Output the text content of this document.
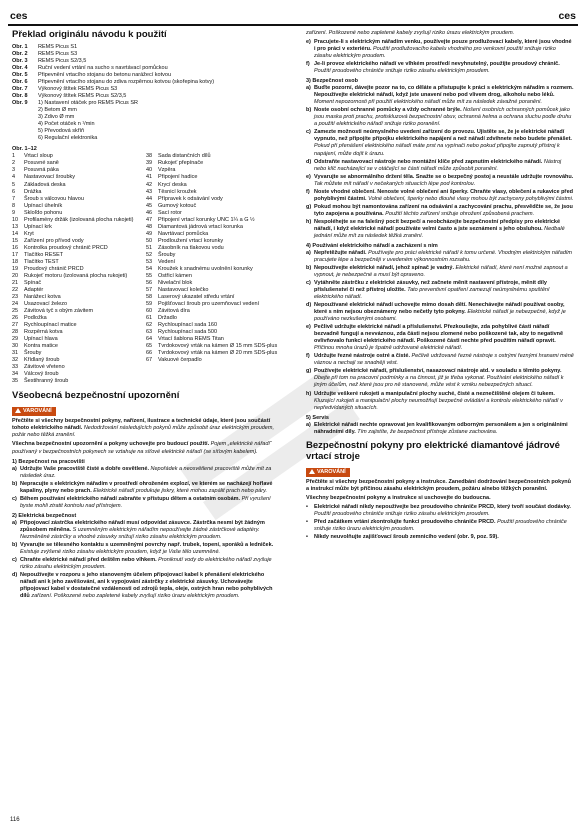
ces	ces
Překlad originálu návodu k použití
Obr. 1	REMS Picus S1
Obr. 2	REMS Picus S3
Obr. 3	REMS Picus S2/3,5
Obr. 4	Ruční vedení vrtání na sucho s navrtávací pomůckou
Obr. 5	Připevnění vrtacího stojanu do betonu narážecí kotvou
Obr. 6	Připevnění vrtacího stojanu do zdiva rozpěrnou kotvou (skořepina kotvy)
Obr. 7	Výkonový štítek REMS Picus S3
Obr. 8	Výkonový štítek REMS Picus S2/3,5
Obr. 9	1) Nastavení otáček pro REMS Picus SR
2) Betom Ø mm
3) Zdivo Ø mm
4) Počet otáček n ¹/min
5) Převodová skříň
6) Regulační elektronika
Obr. 1–12
1	Vrtací sloup
2	Posuvné saně
3	Posuvná páka
4	Nastavovací šroubky
5	Základová deska
6	Drážka
7	Šroub s válcovou hlavou
8	Upínací úhelník
9	Skloľdo pohonu
10	Profilamény držák (izolovaná plocha rukojeti)
13	Upínací krk
14	Kryt
15	Zařízení pro přívod vody
16	Kontrolka proudový chránič PRCD
17	Tlačítko RESET
18	Tlačítko TEST
19	Proudový chránič PRCD
20	Rukojeť motoru (izolovaná plocha rukojeti)
21	Spínač
22	Adaptér
23	Narážecí kotva
24	Usazovací železo
25	Závitová tyč s obým závitem
26	Podložka
27	Rychloupínací matice
28	Rozpěrná kotva
29	Upínací hlava
30	Kontra matice
31	Šrouby
32	Křídlaný šroub
33	Závitové vřeteno
34	Válcový šroub
35	Šestihranný šroub
38	Sada distančních dílů
39	Rukojeť přepínače
40	Vzpěra
41	Připojení hadice
42	Krycí deska
43	Těsnicí kroužek
44	Přípravek k odsávání vody
45	Gumový kotouč
46	Sací rotor
47	Připojení vrtací korunky UNC 1¼ a G ½
48	Diamantová jádrová vrtací korunka
49	Navrtávací pomůcka
50	Prodloužení vrtací korunky
51	Zásobník na tlakovou vodu
52	Šrouby
53	Vedení
54	Kroužek k snadnému uvolnění korunky
55	Ostřicí kámen
56	Nivelační blok
57	Nastavovací kolečko
58	Laserový ukazatel středu vrtání
59	Pojišťovací šroub pro uzemňovací vedení
60	Závitová díra
61	Držadlo
62	Rychloupínací sada 160
63	Rychloupínací sada 500
64	Vrtací šablona REMS Titan
65	Tvrdokovový vrták na kámen Ø 15 mm SDS-plus
66	Tvrdokovový vrták na kámen Ø 20 mm SDS-plus
67	Vakuové čerpadlo
Všeobecná bezpečnostní upozornění
VAROVÁNÍ

Přečtěte si všechny bezpečnostní pokyny, nařízení, ilustrace a technické údaje, které jsou součástí tohoto elektrického nářadí. Nedodržování následujících pokynů může způsobit úraz elektrickým proudem, požár nebo těžká zranění.

Všechna bezpečnostní upozornění a pokyny uchovejte pro budoucí použití. Pojem „elektrické nářadí“ používaný v bezpečnostních pokynech se vztahuje na síťové elektrické nářadí (se síťovým kabelem).

1) Bezpečnost na pracovišti
a) Udržujte Vaše pracoviště čisté a dobře osvětlené. Nepořádek a neosvětlené pracoviště může mít za následek úraz.
b) Nepracujte s elektrickým nářadím v prostředí ohroženém explozí, ve kterém se nacházejí hořlavé kapaliny, plyny nebo prach. Elektrické nářadí produkuje jiskry, které mohou zapálit prach nebo páry.
c) Během používání elektrického nářadí zabraňte v přístupu dětem a ostatním osobám. Při vyrušení byste mohli ztratit kontrolu nad přístrojem.
2) Elektrická bezpečnost
a) Připojovací zástrčka elektrického nářadí musí odpovídat zásuvce. Zástrčka nesmí být žádným způsobem měněna. S uzemněným elektrickým nářadím nepoužívejte žádné zástrčkové adaptéry. Nezměněné zástrčky a vhodné zásuvky snižují riziko zásahu elektrickým proudem.
b) Vyvarujte se tělesného kontaktu s uzemněnými povrchy např. trubek, topení, sporáků a ledniček. Existuje zvýšené riziko zásahu elektrickým proudem, když je Vaše tělo uzemněné.
c) Chraňte elektrické nářadí před deštěm nebo vlhkem. Proniknutí vody do elektrického nářadí zvyšuje riziko zásahu elektrickým proudem.
d) Nepoužívejte v rozporu s jeho stanoveným účelem připojovací kabel k přenášení elektrického nářadí ani k jeho zavěšování, ani k vypojování zástrčky z elektrické zásuvky. Uchovávejte připojovací kabel v dostatečné vzdálenosti od zdrojů tepla, oleje, ostrých hran nebo pohyblivých dílů zařízení. Poškozené nebo zapletené kabely zvyšují riziko úrazu elektrickým proudem.

zařízení. Poškozené nebo zapletené kabely zvyšují riziko úrazu elektrickým proudem.

e) Pracujete-li s elektrickým nářadím venku, používejte pouze prodlužovací kabely, které jsou vhodné i pro práci v exteriéru. Použití prodlužovacího kabelu vhodného pro venkovní použití snižuje riziko zásahu elektrickým proudem.
f) Je-li provoz elektrického nářadí ve vlhkém prostředí nevyhnutelný, použijte proudový chránič. Použití proudového chrániče snižuje riziko zásahu elektrickým proudem.
3) Bezpečnost osob
a) Buďte pozorní, dávejte pozor na to, co děláte a přistupujte k práci s elektrickým nářadím s rozmem. Nepoužívejte elektrické nářadí, když jste unavení nebo pod vlivem drog, alkoholu nebo léků. Moment nepozornosti při použití elektrického nářadí může mít za následek závažné poranění.
b) Noste osobní ochranné pomůcky a vždy ochranné brýle. Nošení osobních ochranných pomůcek jako jsou maska proti prachu, protiskluzová bezpečnostní obuv, ochranná helma a ochrana sluchu podle druhu a použití elektrického nářadí snižuje riziko poranění.
c) Zamezte možnosti neúmyslného uvedení zařízení do provozu. Ujistěte se, že je elektrické nářadí vypnuto, než připojíte přípojku elektrického napájení a než nářadí zdvihnete nebo budete přenášet. Pokud při přenášení elektrického nářadí máte prst na vypínači nebo pokud připojíte zapnutý přístroj k napájení, může dojít k úrazu.
d) Odstraňte nastavovací nástroje nebo montážní klíče před zapnutím elektrického nářadí. Nástroj nebo klíč nacházející se v otáčející se části nářadí může způsobit poranění.
e) Vyvarujte se abnormálního držení těla. Snažte se o bezpečný postoj a neustále udržujte rovnováhu. Tak můžete mít nářadí v nečekaných situacích lépe pod kontrolou.
f) Noste vhodné oblečení. Nenoste volné oblečení ani šperky. Chraňte vlasy, oblečení a rukavice před pohyblivými částmi. Volné oblečení, šperky nebo dlouhé vlasy mohou být zachyceny pohyblivými částmi.
g) Pokud mohou být namontována zařízení na odsávání a zachycování prachu, přesvědčte se, že jsou tyto zapojena a používána. Použití těchto zařízení snižuje ohrožení způsobená prachem.
h) Nespoléhejte se na falešný pocit bezpečí a neobcházejte bezpečnostní předpisy pro elektrické nářadí, i když elektrické nářadí používáte velmi často a jste seznámeni s jeho obsluhou. Nedbalé jednání může mít za následek těžká zranění.
4) Používání elektrického nářadí a zacházení s ním
a) Nepřetěžujte nářadí. Používejte pro práci elektrické nářadí k tomu určené. Vhodným elektrickým nářadím pracujete lépe a bezpečněji v uvedeném výkonnostním rozsahu.
b) Nepoužívejte elektrické nářadí, jehož spínač je vadný. Elektrické nářadí, které není možné zapnout a vypnout, je nebezpečné a musí být opraveno.
c) Vytáhněte zástrčku z elektrické zásuvky, než začnete měnit nastavení přístroje, měnit díly příslušenství či než přístroj uložíte. Tato preventivní opatření zamezují neúmyslnému spuštění elektrického nářadí.
d) Nepoužívané elektrické nářadí uchovejte mimo dosah dětí. Nenechávejte nářadí používat osoby, které s ním nejsou obeznámeny nebo nečetly tyto pokyny. Elektrické nářadí je nebezpečné, když je používáno nezkušenými osobami.
e) Pečlivě udržujte elektrické nářadí a příslušenství. Přezkoušejte, zda pohyblivé části nářadí bezvadně fungují a nevváznou, zda části nejsou zlomené nebo poškozené tak, aby to negativně ovlivňovalo funkci elektrického nářadí. Poškozené části nechte před použitím nářadí opravit. Příčinou mnoha úrazů je špatně udržované elektrické nářadí.
f) Udržujte řezné nástroje ostré a čisté. Pečlivě udržované řezné nástroje s ostrými řeznými hranami méně váznou a nechají se snadněji vést.
g) Používejte elektrické nářadí, příslušenství, nasazovací nástroje atd. v souladu s těmito pokyny. Dbejte při tom na pracovní podmínky a na činnost, již je třeba vykonat. Používání elektrického nářadí k jiným účelům, než které jsou pro ně stanovené, může vést k vzniku nebezpečných situací.
h) Udržujte veškeré rukojeti a manipulační plochy suché, čisté a neznečištěné olejem či tukem. Kluzající rukojeti a manipulační plochy neumožňují bezpečné ovládání a kontrolu elektrického nářadí v nepředvídaných situacích.
5) Servis
a) Elektrické nářadí nechte opravovat jen kvalifikovaným odborným personálem a jen s originálními náhradními díly. Tím zajistíte, že bezpečnost přístroje zůstane zachována.
Bezpečnostní pokyny pro elektrické diamantové jádrové vrtací stroje
VAROVÁNÍ

Přečtěte si všechny bezpečnostní pokyny a instrukce. Zanedbání dodržování bezpečnostních pokynů a instrukcí může být příčinou zásahu elektrickým proudem, požáru a/nebo těžkých poranění.

Všechny bezpečnostní pokyny a instrukce si uschovejte do budoucna.

•	Elektrické nářadí nikdy nepoužívejte bez proudového chrániče PRCD, který tvoří součást dodávky. Použití proudového chrániče snižuje riziko zásahu elektrickým proudem.
•	Před začátkem vrtání zkontrolujte funkci proudového chrániče PRCD. Použití proudového chrániče snižuje riziko úrazu elektrickým proudem.
•	Nikdy neuvolňujte zajišťovací šroub zemnicího vedení (obr. 9, poz. 59).
116
